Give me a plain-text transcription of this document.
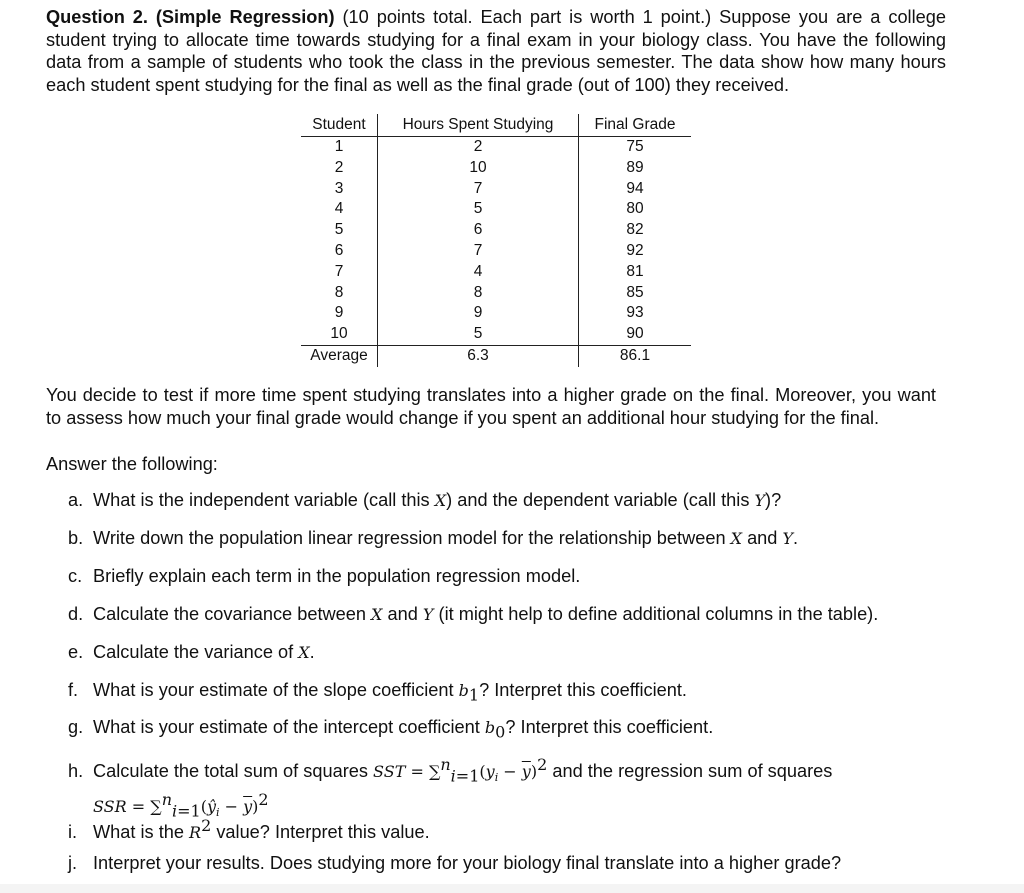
Question 2. (Simple Regression) (10 points total. Each part is worth 1 point.) Suppose you are a college student trying to allocate time towards studying for a final exam in your biology class. You have the following data from a sample of students who took the class in the previous semester. The data show how many hours each student spent studying for the final as well as the final grade (out of 100) they received.
Student	Hours Spent Studying	Final Grade
1	2	75
2	10	89
3	7	94
4	5	80
5	6	82
6	7	92
7	4	81
8	8	85
9	9	93
10	5	90
Average	6.3	86.1
You decide to test if more time spent studying translates into a higher grade on the final. Moreover, you want to assess how much your final grade would change if you spent an additional hour studying for the final.
Answer the following:
a. What is the independent variable (call this X) and the dependent variable (call this Y)?
b. Write down the population linear regression model for the relationship between X and Y.
c. Briefly explain each term in the population regression model.
d. Calculate the covariance between X and Y (it might help to define additional columns in the table).
e. Calculate the variance of X.
f. What is your estimate of the slope coefficient $b_1$? Interpret this coefficient.
g. What is your estimate of the intercept coefficient $b_0$? Interpret this coefficient.
h. Calculate the total sum of squares SST = $\sum^n_{i=1}(y_i - \overline{y})^2$ and the regression sum of squares
SSR = $\sum^n_{i=1}(ŷ_i - \overline{y})^2$
i. What is the $R^2$ value? Interpret this value.
j. Interpret your results. Does studying more for your biology final translate into a higher grade?
